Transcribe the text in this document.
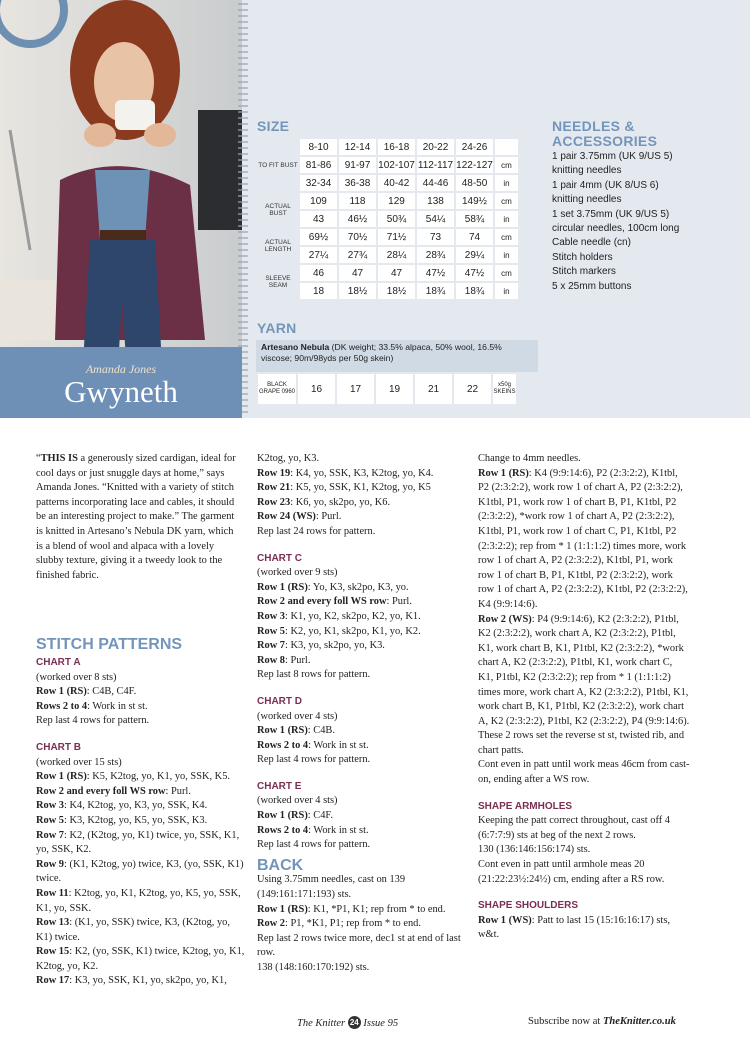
Amanda Jones
Gwyneth
SIZE
TO FIT BUST	8-10	12-14	16-18	20-22	24-26	
	81-86	91-97	102-107	112-117	122-127	cm
	32-34	36-38	40-42	44-46	48-50	in
ACTUAL BUST	109	118	129	138	149½	cm
	43	46½	50¾	54¼	58¾	in
ACTUAL LENGTH	69½	70½	71½	73	74	cm
	27¼	27¾	28¼	28¾	29¼	in
SLEEVE SEAM	46	47	47	47½	47½	cm
	18	18½	18½	18¾	18¾	in
NEEDLES &
ACCESSORIES
1 pair 3.75mm (UK 9/US 5)
knitting needles
1 pair 4mm (UK 8/US 6)
knitting needles
1 set 3.75mm (UK 9/US 5)
circular needles, 100cm long
Cable needle (cn)
Stitch holders
Stitch markers
5 x 25mm buttons
YARN
Artesano Nebula (DK weight; 33.5% alpaca, 50% wool, 16.5% viscose; 90m/98yds per 50g skein)
BLACK GRAPE 0960	16	17	19	21	22	x50g SKEINS

“THIS IS a generously sized cardigan, ideal for cool days or just snuggle days at home,” says Amanda Jones. “Knitted with a variety of stitch patterns incorporating lace and cables, it should be an interesting project to make.” The garment is knitted in Artesano’s Nebula DK yarn, which is a blend of wool and alpaca with a lovely slubby texture, giving it a tweedy look to the finished fabric.

STITCH PATTERNS
CHART A

(worked over 8 sts)

Row 1 (RS): C4B, C4F.

Rows 2 to 4: Work in st st.

Rep last 4 rows for pattern.

CHART B

(worked over 15 sts)

Row 1 (RS): K5, K2tog, yo, K1, yo, SSK, K5.

Row 2 and every foll WS row: Purl.

Row 3: K4, K2tog, yo, K3, yo, SSK, K4.

Row 5: K3, K2tog, yo, K5, yo, SSK, K3.

Row 7: K2, (K2tog, yo, K1) twice, yo, SSK, K1, yo, SSK, K2.

Row 9: (K1, K2tog, yo) twice, K3, (yo, SSK, K1) twice.

Row 11: K2tog, yo, K1, K2tog, yo, K5, yo, SSK, K1, yo, SSK.

Row 13: (K1, yo, SSK) twice, K3, (K2tog, yo, K1) twice.

Row 15: K2, (yo, SSK, K1) twice, K2tog, yo, K1, K2tog, yo, K2.

Row 17: K3, yo, SSK, K1, yo, sk2po, yo, K1,

K2tog, yo, K3.

Row 19: K4, yo, SSK, K3, K2tog, yo, K4.

Row 21: K5, yo, SSK, K1, K2tog, yo, K5

Row 23: K6, yo, sk2po, yo, K6.

Row 24 (WS): Purl.

Rep last 24 rows for pattern.

CHART C

(worked over 9 sts)

Row 1 (RS): Yo, K3, sk2po, K3, yo.

Row 2 and every foll WS row: Purl.

Row 3: K1, yo, K2, sk2po, K2, yo, K1.

Row 5: K2, yo, K1, sk2po, K1, yo, K2.

Row 7: K3, yo, sk2po, yo, K3.

Row 8: Purl.

Rep last 8 rows for pattern.

CHART D

(worked over 4 sts)

Row 1 (RS): C4B.

Rows 2 to 4: Work in st st.

Rep last 4 rows for pattern.

CHART E

(worked over 4 sts)

Row 1 (RS): C4F.

Rows 2 to 4: Work in st st.

Rep last 4 rows for pattern.

BACK

Using 3.75mm needles, cast on 139 (149:161:171:193) sts.

Row 1 (RS): K1, *P1, K1; rep from * to end.

Row 2: P1, *K1, P1; rep from * to end.

Rep last 2 rows twice more, dec1 st at end of last row.

138 (148:160:170:192) sts.

Change to 4mm needles.

Row 1 (RS): K4 (9:9:14:6), P2 (2:3:2:2), K1tbl, P2 (2:3:2:2), work row 1 of chart A, P2 (2:3:2:2), K1tbl, P1, work row 1 of chart B, P1, K1tbl, P2 (2:3:2:2), *work row 1 of chart A, P2 (2:3:2:2), K1tbl, P1, work row 1 of chart C, P1, K1tbl, P2 (2:3:2:2); rep from * 1 (1:1:1:2) times more, work row 1 of chart A, P2 (2:3:2:2), K1tbl, P1, work row 1 of chart B, P1, K1tbl, P2 (2:3:2:2), work row 1 of chart A, P2 (2:3:2:2), K1tbl, P2 (2:3:2:2), K4 (9:9:14:6).

Row 2 (WS): P4 (9:9:14:6), K2 (2:3:2:2), P1tbl, K2 (2:3:2:2), work chart A, K2 (2:3:2:2), P1tbl, K1, work chart B, K1, P1tbl, K2 (2:3:2:2), *work chart A, K2 (2:3:2:2), P1tbl, K1, work chart C, K1, P1tbl, K2 (2:3:2:2); rep from * 1 (1:1:1:2) times more, work chart A, K2 (2:3:2:2), P1tbl, K1, work chart B, K1, P1tbl, K2 (2:3:2:2), work chart A, K2 (2:3:2:2), P1tbl, K2 (2:3:2:2), P4 (9:9:14:6).

These 2 rows set the reverse st st, twisted rib, and chart patts.

Cont even in patt until work meas 46cm from cast-on, ending after a WS row.

SHAPE ARMHOLES

Keeping the patt correct throughout, cast off 4 (6:7:7:9) sts at beg of the next 2 rows.

130 (136:146:156:174) sts.

Cont even in patt until armhole meas 20 (21:22:23½:24½) cm, ending after a RS row.

SHAPE SHOULDERS

Row 1 (WS): Patt to last 15 (15:16:16:17) sts, w&t.

The Knitter 24 Issue 95	Subscribe now at TheKnitter.co.uk
